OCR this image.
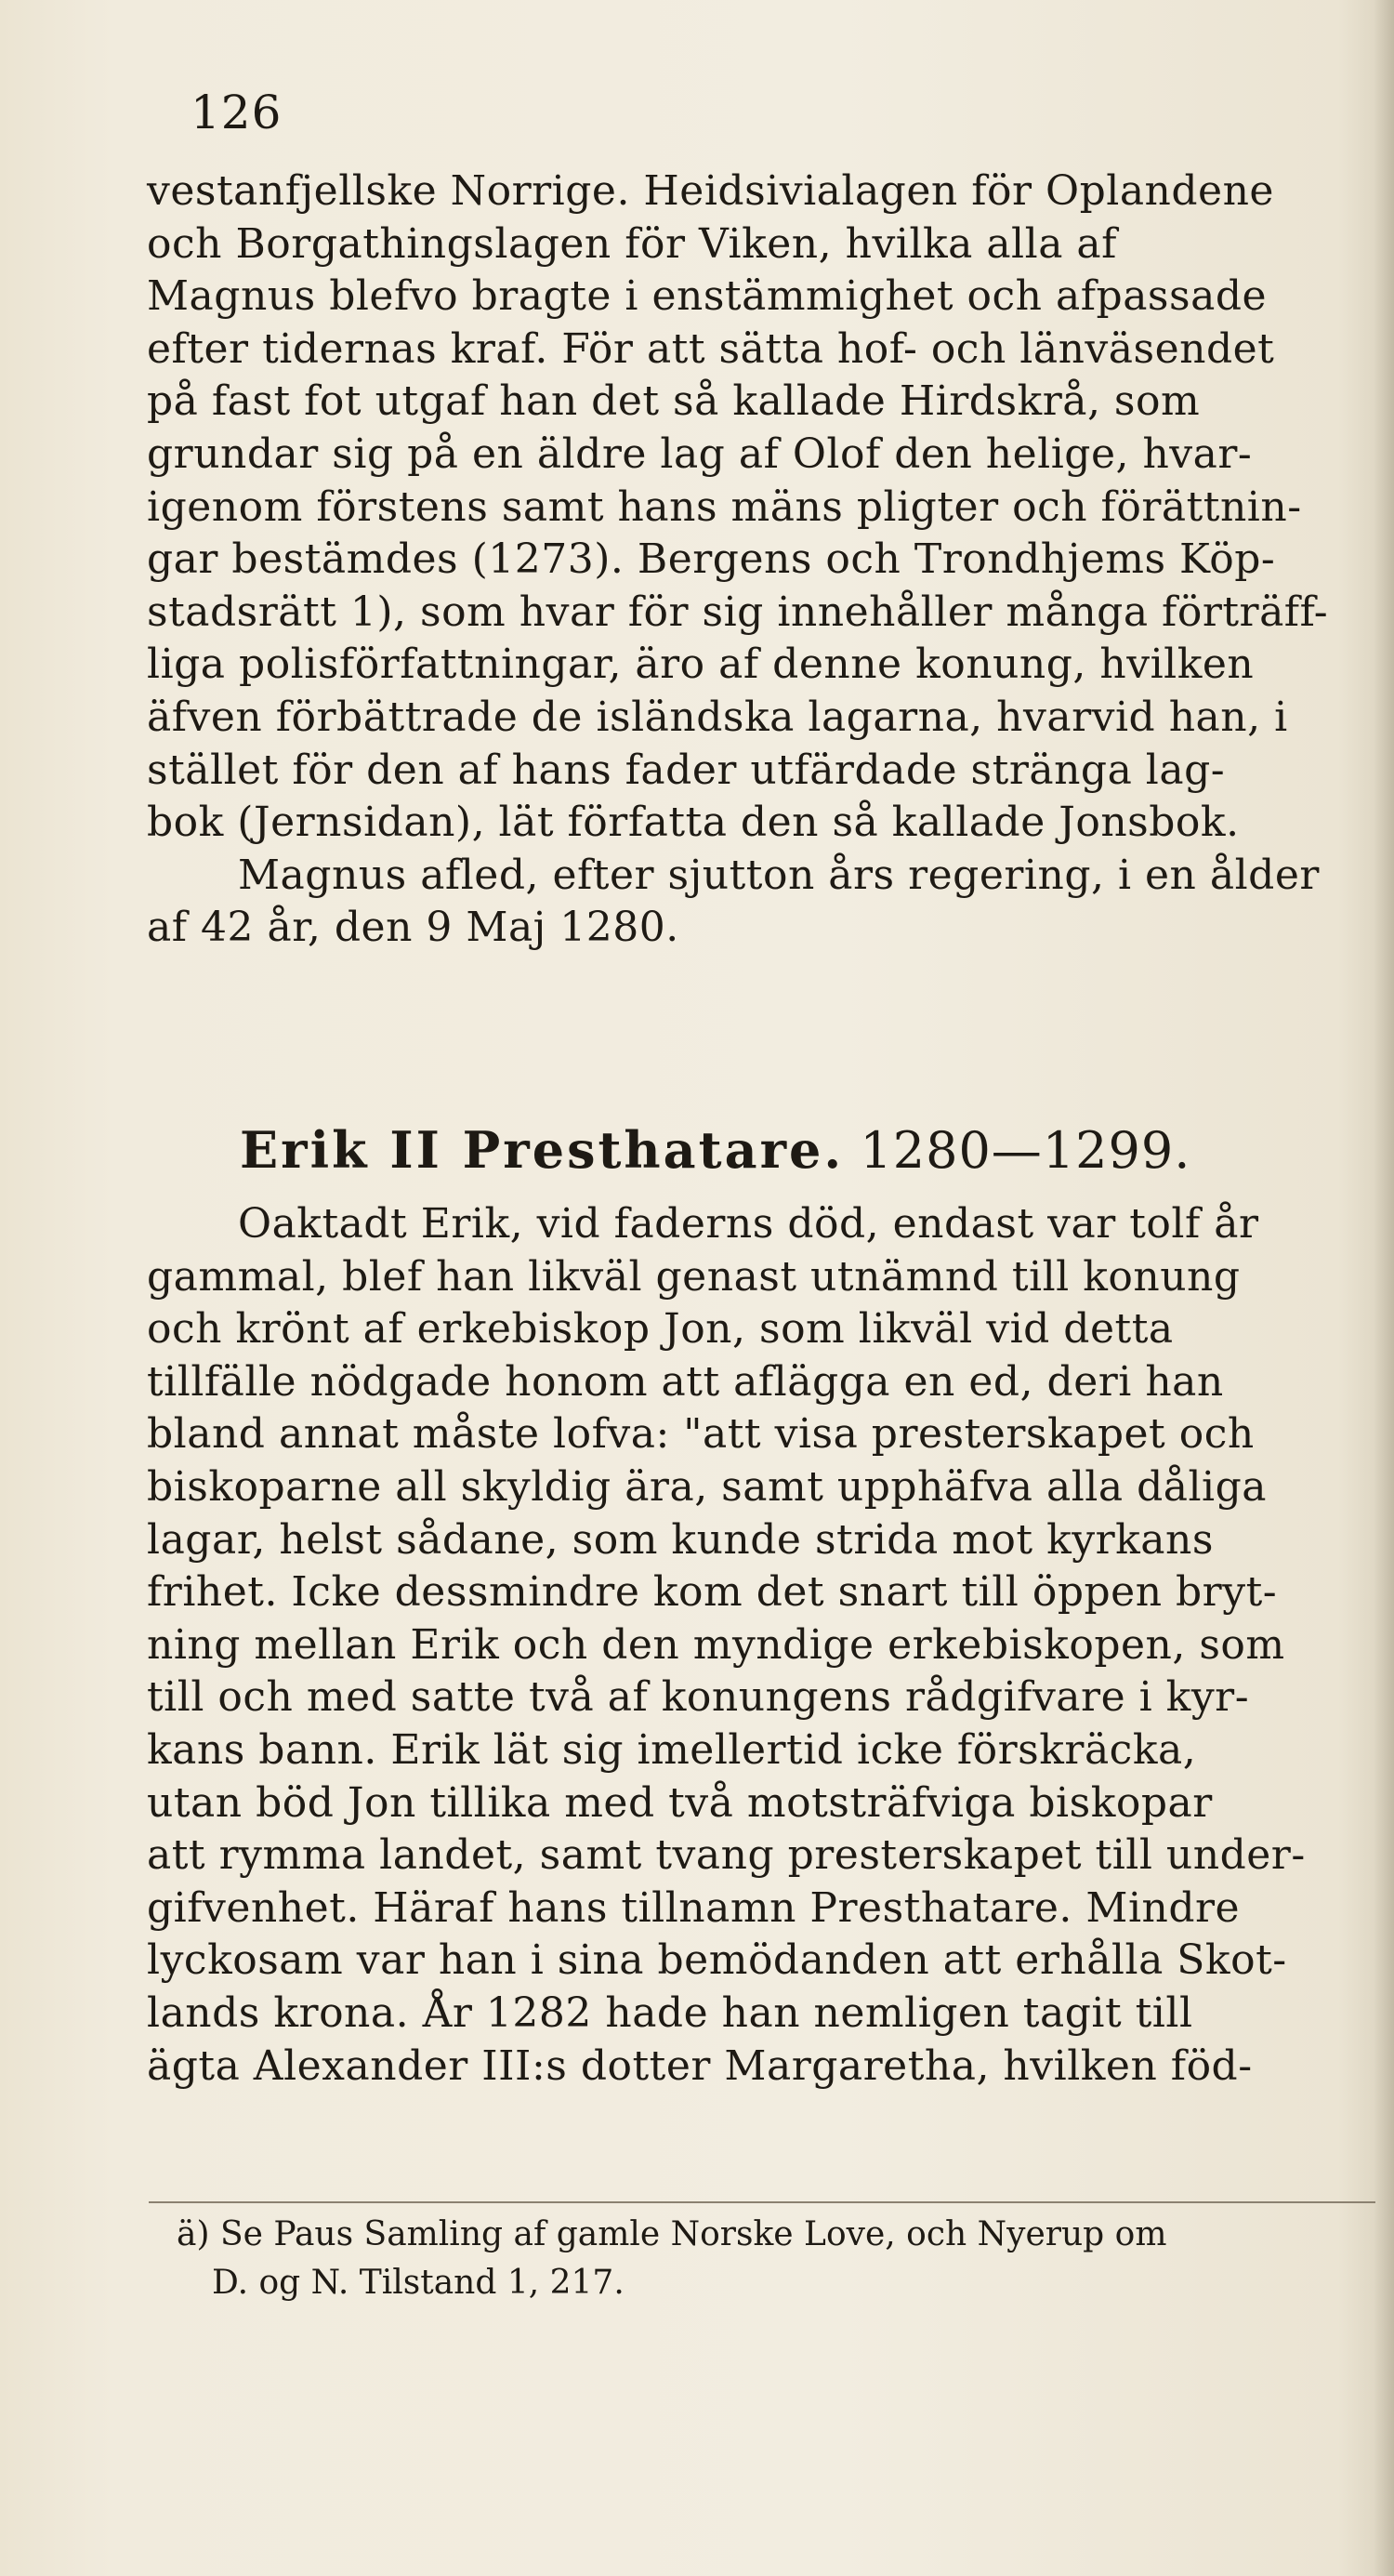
126

vestanfjellske Norrige. Heidsivialagen för Oplandene

och Borgathingslagen för Viken, hvilka alla af

Magnus blefvo bragte i enstämmighet och afpassade

efter tidernas kraf. För att sätta hof- och länväsendet

på fast fot utgaf han det så kallade Hirdskrå, som

grundar sig på en äldre lag af Olof den helige, hvar-

igenom förstens samt hans mäns pligter och förättnin-

gar bestämdes (1273). Bergens och Trondhjems Köp-

stadsrätt 1), som hvar för sig innehåller många förträff-

liga polisförfattningar, äro af denne konung, hvilken

äfven förbättrade de isländska lagarna, hvarvid han, i

stället för den af hans fader utfärdade stränga lag-

bok (Jernsidan), lät författa den så kallade Jonsbok.

Magnus afled, efter sjutton års regering, i en ålder

af 42 år, den 9 Maj 1280.

Erik II Presthatare. 1280—1299.

Oaktadt Erik, vid faderns död, endast var tolf år

gammal, blef han likväl genast utnämnd till konung

och krönt af erkebiskop Jon, som likväl vid detta

tillfälle nödgade honom att aflägga en ed, deri han

bland annat måste lofva: "att visa presterskapet och

biskoparne all skyldig ära, samt upphäfva alla dåliga

lagar, helst sådane, som kunde strida mot kyrkans

frihet. Icke dessmindre kom det snart till öppen bryt-

ning mellan Erik och den myndige erkebiskopen, som

till och med satte två af konungens rådgifvare i kyr-

kans bann. Erik lät sig imellertid icke förskräcka,

utan böd Jon tillika med två motsträfviga biskopar

att rymma landet, samt tvang presterskapet till under-

gifvenhet. Häraf hans tillnamn Presthatare. Mindre

lyckosam var han i sina bemödanden att erhålla Skot-

lands krona. År 1282 hade han nemligen tagit till

ägta Alexander III:s dotter Margaretha, hvilken föd-

ä) Se Paus Samling af gamle Norske Love, och Nyerup om

D. og N. Tilstand 1, 217.
